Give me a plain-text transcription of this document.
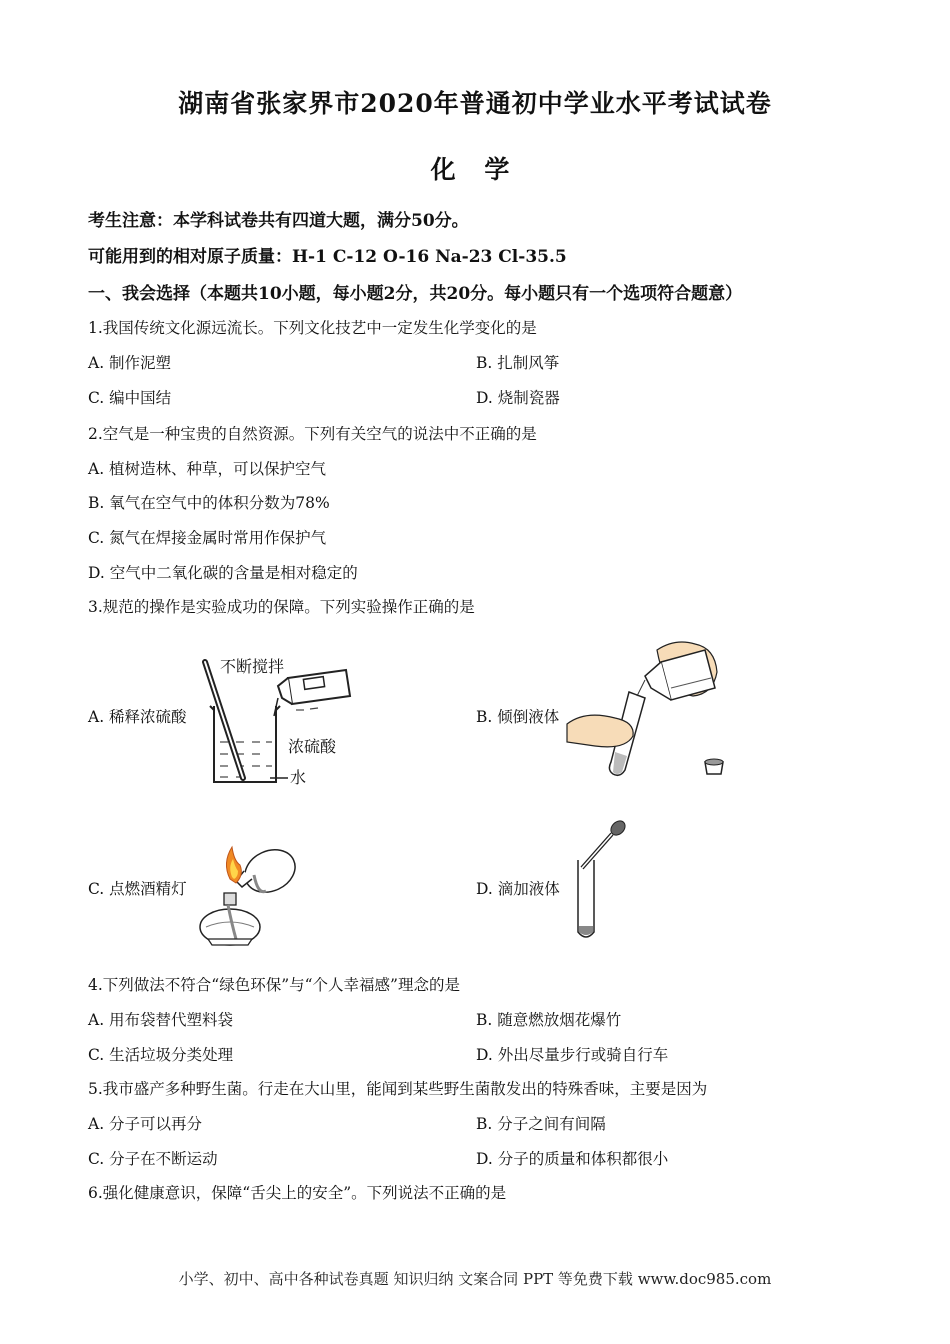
湖南省张家界市2020年普通初中学业水平考试试卷
化 学
考生注意：本学科试卷共有四道大题，满分50分。
可能用到的相对原子质量：H-1 C-12 O-16 Na-23 Cl-35.5
一、我会选择（本题共10小题，每小题2分，共20分。每小题只有一个选项符合题意）
1.我国传统文化源远流长。下列文化技艺中一定发生化学变化的是
A. 制作泥塑	B. 扎制风筝
C. 编中国结	D. 烧制瓷器
2.空气是一种宝贵的自然资源。下列有关空气的说法中不正确的是
A. 植树造林、种草，可以保护空气
B. 氧气在空气中的体积分数为78%
C. 氮气在焊接金属时常用作保护气
D. 空气中二氧化碳的含量是相对稳定的
3.规范的操作是实验成功的保障。下列实验操作正确的是
A. 稀释浓硫酸	B. 倾倒液体
C. 点燃酒精灯	D. 滴加液体
不断搅拌
浓硫酸
水
4.下列做法不符合“绿色环保”与“个人幸福感”理念的是
A. 用布袋替代塑料袋	B. 随意燃放烟花爆竹
C. 生活垃圾分类处理	D. 外出尽量步行或骑自行车
5.我市盛产多种野生菌。行走在大山里，能闻到某些野生菌散发出的特殊香味，主要是因为
A. 分子可以再分	B. 分子之间有间隔
C. 分子在不断运动	D. 分子的质量和体积都很小
6.强化健康意识，保障“舌尖上的安全”。下列说法不正确的是
小学、初中、高中各种试卷真题 知识归纳 文案合同 PPT 等免费下载 www.doc985.com
